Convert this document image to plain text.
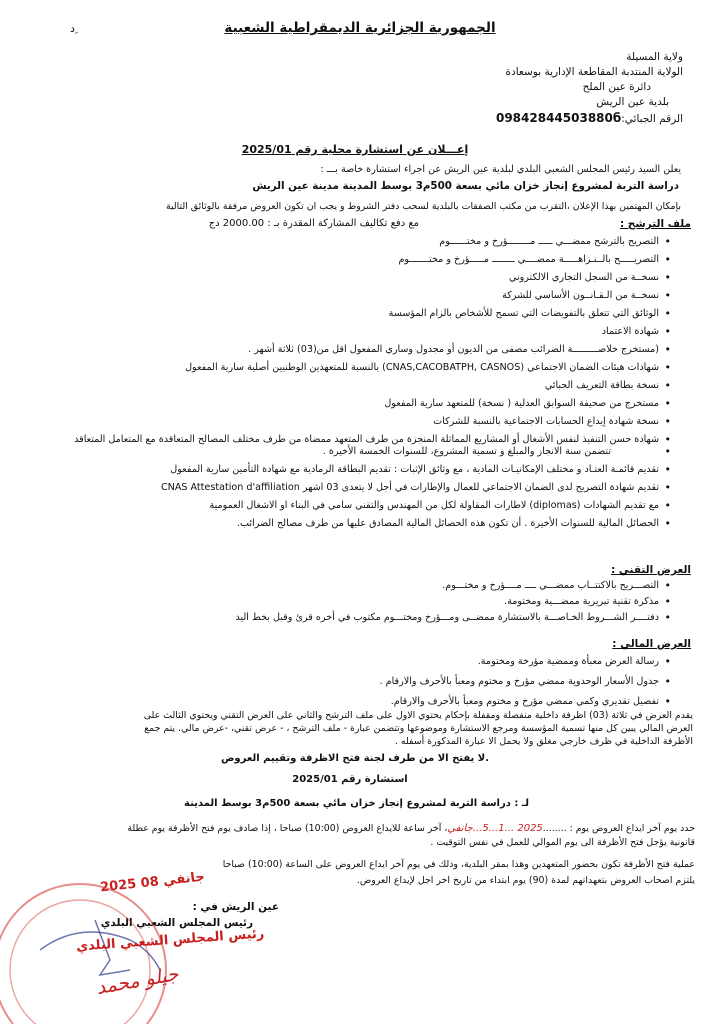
الجمهورية الجزائرية الديمقراطية الشعبية
د ِ
ولاية المسيلة
الولاية المنتدبة المقاطعة الإدارية بوسعادة
دائرة عين الملح
بلدية عين الريش
الرقم الجبائي:09842844503880б
إعـــلان عن استشارة محلية رقم 2025/01
يعلن السيد رئيس المجلس الشعبي البلدي لبلدية عين الريش عن اجراء استشارة خاصة بـــ :
دراسة التربة لمشروع إنجاز خزان مائي بسعة 500م3 بوسط المدينة مدينة عين الريش
بإمكان المهتمين بهذا الإعلان ،التقرب من مكتب الصفقات بالبلدية لسحب دفتر الشروط و يجب ان تكون العروض مرفقة بالوثائق التالية
مع دفع تكاليف المشاركة المقدرة بـ : 2000.00 دج	ملف الترشح :
• التصريح بالترشح ممضـــي ـــــ مــــــــؤرخ و مختــــــوم
• التصريـــــح بالــنـزاهـــــة ممضــــي ــــــــ مـــــؤرخ و مختـــــــوم
• نسخــة من السجل التجاري الالكتروني
• نسخــة من الـقـانــون الأساسي للشركة
• الوثائق التي تتعلق بالتفويضات التي تسمح للأشخاص بالزام المؤسسة
• شهادة الاعتماد
• (مستخرج خلاصـــــــــة الضرائب مصفى من الديون أو مجدول وساري المفعول اقل من(03) ثلاثة أشهر .
• شهادات هيئات الضمان الاجتماعي (CNAS,CACOBATPH, CASNOS) بالنسبة للمتعهدين الوطنيين أصلية سارية المفعول
• نسخة بطاقة التعريف الجبائي
• مستخرج من صحيفة السوابق العدلية ( نسخة) للمتعهد سارية المفعول
• نسخة شهادة إيداع الحسابات الاجتماعية بالنسبة للشركات
• شهادة حسن التنفيذ لنفس الأشغال أو المشاريع المماثلة المنجزة من طرف المتعهد ممضاة من طرف مختلف المصالح المتعاقدة مع المتعامل المتعاقد
• تتضمن سنة الانجاز والمبلغ و تسمية المشروع، للسنوات الخمسة الأخيرة .
• تقديم قائمـة العتـاد و مختلف الإمكانيـات المادية ، مع وثائق الإثبات : تقديم البطاقة الرمادية مع شهادة التأمين سارية المفعول
• تقديم شهادة التصريح لدى الضمان الاجتماعي للعمال والإطارات في أجل لا يتعدى 03 اشهر CNAS Attestation d'affiliation
• مع تقديم الشهادات (diplomas) لاطارات المقاولة لكل من المهندس والتقني سامي في البناء او الاشغال العمومية
• الحصائل المالية للسنوات الأخيرة . أن تكون هذه الحصائل المالية المصادق عليها من طرف مصالح الضرائب.
العرض التقني :
• التصـــريح بالاكتتــاب ممضـــي ــــ مــــؤرخ و مختـــوم.
• مذكرة تقنية تبريرية ممضـــية ومختومة.
• دفتــــر الشـــروط الخـاصـــة بالاستشارة ممضــى ومـــؤرخ ومختـــوم مكتوب في أخره قرئ وقبل بخط اليد
العرض المالي :
• رسالة العرض معبأة وممضية مؤرخة ومختومة.
• جدول الأسعار الوحدوية ممضي مؤرخ و مختوم ومعبأ بالأحرف والارقام .
• تفصيل تقديري وكمي ممضي مؤرخ و مختوم ومعبأ بالأحرف والارقام.
يقدم العرض في ثلاثة (03) اظرفة داخلية منفصلة ومقفلة بإحكام يحتوي الاول على ملف الترشح والثاني على العرض التقني ويحتوي الثالث على
العرض المالي يبين كل منها تسمية المؤسسة ومرجع الاستشارة وموضوعها وتتضمن عبارة - ملف الترشح ، - عرض تقني، -عرض مالي. يتم جمع
الأظرفة الداخلية في ظرف خارجي مغلق ولا يحمل الا عبارة المذكورة أسفله .
لا يفتح الا من طرف لجنة فتح الاظرفة وتقييم العروض.
استشارة رقم 2025/01
لـ : دراسة التربة لمشروع إنجاز خزان مائي بسعة 500م3 بوسط المدينة
حدد يوم آخر ايداع العروض يوم : ........2025 ...1...5...جانفي، آخر ساعة للايداع العروض (10:00) صباحا ، إذا صادف يوم فتح الأظرفة يوم عطلة
قانونية يؤجل فتح الأظرفة الى يوم الموالي للعمل في نفس التوقيت .
عملية فتح الأظرفة تكون بحضور المتعهدين وهذا بمقر البلدية، وذلك في يوم آخر ايداع العروض على الساعة (10:00) صباحا
يلتزم اصحاب العروض بتعهداتهم لمدة (90) يوم ابتداء من تاريخ اخر اجل لإيداع العروض.
عين الريش في :
رئيس المجلس الشعبي البلدي
2025 جانفي 08
رئيس المجلس الشعبي البلدي
جيلو محمد
